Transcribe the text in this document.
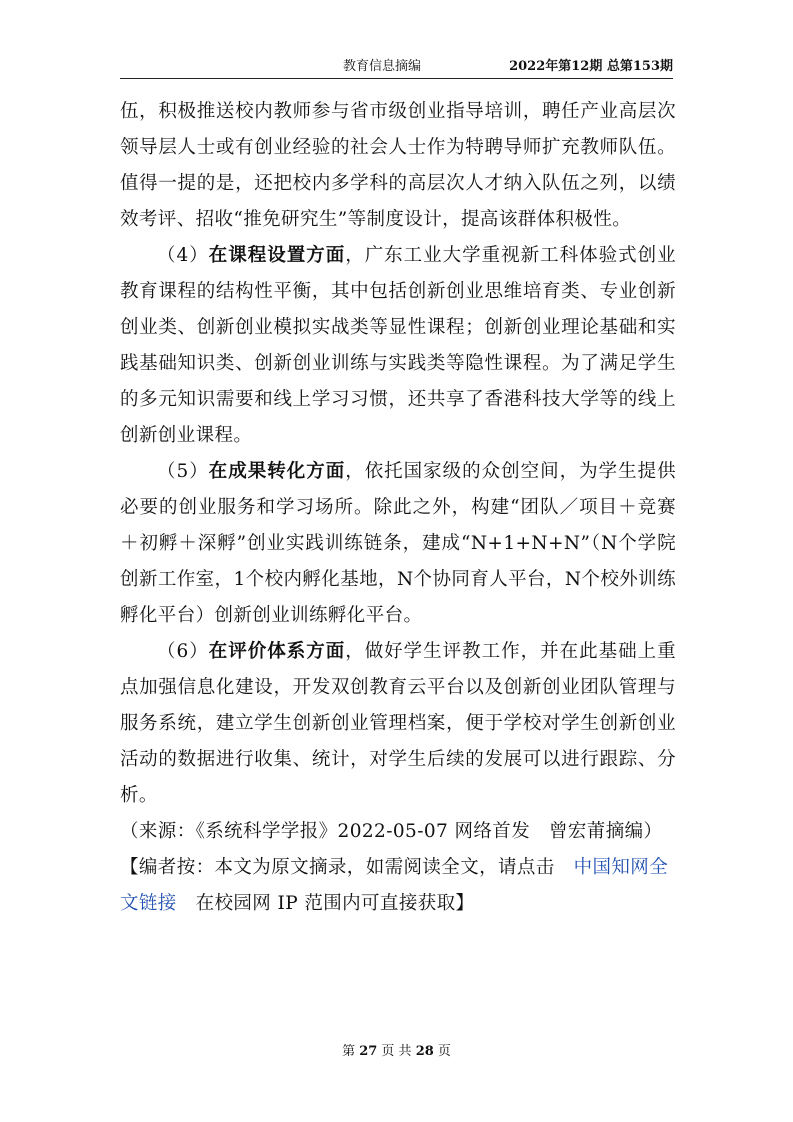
教育信息摘编	2022年第12期 总第153期

伍，积极推送校内教师参与省市级创业指导培训，聘任产业高层次领导层人士或有创业经验的社会人士作为特聘导师扩充教师队伍。值得一提的是，还把校内多学科的高层次人才纳入队伍之列，以绩效考评、招收“推免研究生”等制度设计，提高该群体积极性。

（4）在课程设置方面，广东工业大学重视新工科体验式创业教育课程的结构性平衡，其中包括创新创业思维培育类、专业创新创业类、创新创业模拟实战类等显性课程；创新创业理论基础和实践基础知识类、创新创业训练与实践类等隐性课程。为了满足学生的多元知识需要和线上学习习惯，还共享了香港科技大学等的线上创新创业课程。

（5）在成果转化方面，依托国家级的众创空间，为学生提供必要的创业服务和学习场所。除此之外，构建“团队／项目＋竞赛＋初孵＋深孵”创业实践训练链条，建成“N+1+N+N”（N个学院创新工作室，1个校内孵化基地，N个协同育人平台，N个校外训练孵化平台）创新创业训练孵化平台。

（6）在评价体系方面，做好学生评教工作，并在此基础上重点加强信息化建设，开发双创教育云平台以及创新创业团队管理与服务系统，建立学生创新创业管理档案，便于学校对学生创新创业活动的数据进行收集、统计，对学生后续的发展可以进行跟踪、分析。

（来源：《系统科学学报》2022-05-07 网络首发　曾宏莆摘编）

【编者按：本文为原文摘录，如需阅读全文，请点击　中国知网全文链接　在校园网 IP 范围内可直接获取】

第 27 页 共 28 页
